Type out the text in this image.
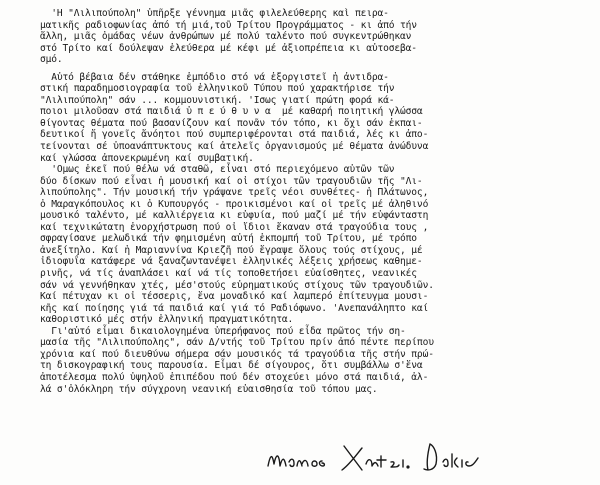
'Η "Λιλιπούπολη" ὑπῆρξε γέννημα μιᾶς φιλελεύθερης καὶ πειρα-
ματικῆς ραδιοφωνίας ἀπό τή μιά,τοῦ Τρίτου Προγράμματος - κι ἀπό τήν
ἄλλη, μιᾶς ὁμάδας νέων ἀνθρώπων μέ πολύ ταλέντο πού συγκεντρώθηκαν
στό Τρίτο καί δούλεψαν ἐλεύθερα μέ κέφι μέ ἀξιοπρέπεια κι αὐτοσεβα-
σμό.
Αὐτό βέβαια δέν στάθηκε ἐμπόδιο στό νά ἐξοργιστεῖ ἡ ἀντιδρα-
στική παραδημοσιογραφία τοῦ ἑλληνικοῦ Τύπου πού χαρακτήρισε τήν
"Λιλιπούπολη" σάν ... κομμουνιστική. 'Ισως γιατί πρώτη φορά κά-
ποιοι μιλοῦσαν στά παιδιά ὑ π ε ύ θ υ ν α  μέ καθαρή ποιητική γλώσσα
θίγοντας θέματα πού βασανίζουν καί πονᾶν τόν τόπο, κι ὄχι σάν ἐκπαι-
δευτικοί ἤ γονεῖς ἄνόητοι πού συμπεριφέρονται στά παιδιά, λές κι ἀπο-
τείνονται σέ ὑποανάπτυκτους καί ἀτελεῖς ὀργανισμούς μέ θέματα ἀνώδυνα
καί γλώσσα ἀπονεκρωμένη καί συμβατική.
'Ομως ἐκεῖ πού θέλω νά σταθῶ, εἶναι στό περιεχόμενο αὐτῶν τῶν
δύο δίσκων πού εἶναι ἡ μουσική καί οἱ στίχοι τῶν τραγουδιῶν τῆς "Λι-
λιπούπολης". Τήν μουσική τήν γράψανε τρεῖς νέοι συνθέτες- ἡ Πλάτωνος,
ὁ Μαραγκόπουλος κι ὁ Κυπουργός - προικισμένοι καί οἱ τρεῖς μέ ἀληθινό
μουσικό ταλέντο, μέ καλλιέργεια κι εὐφυία, πού μαζί μέ τήν εὐφάνταστη
καί τεχνικώτατη ἐνορχήστρωση πού οἱ ἴδιοι ἔκαναν στά τραγούδια τους ,
σφραγίσανε μελωδικά τήν φημισμένη αὐτή ἐκπομπή τοῦ Τρίτου, μέ τρόπο
ἀνεξίτηλο. Καί ἡ Μαριαννίνα Κριεζῆ πού ἔγραψε ὅλους τούς στίχους, μέ
ἰδιοφυΐα κατάφερε νά ξαναζωντανέψει ἑλληνικές λέξεις χρήσεως καθημε-
ρινῆς, νά τίς ἀναπλάσει καί νά τίς τοποθετήσει εὐαίσθητες, νεανικές
σάν νά γεννήθηκαν χτές, μέσ'στούς εὐρηματικούς στίχους τῶν τραγουδιῶν.
Καί πέτυχαν κι οἱ τέσσερις, ἕνα μοναδικό καί λαμπερό ἐπίτευγμα μουσι-
κῆς καί ποίησης γιά τά παιδιά καί γιά τό Ραδιόφωνο. 'Ανεπανάληπτο καί
καθοριστικό μές στήν ἑλληνική πραγματικότητα.
Γι'αὐτό εἶμαι δικαιολογημένα ὑπερήφανος πού εἶδα πρῶτος τήν ση-
μασία τῆς "Λιλιπούπολης", σάν Δ/ντής τοῦ Τρίτου πρίν ἀπό πέντε περίπου
χρόνια καί πού διευθύνω σήμερα σάν μουσικός τά τραγούδια τῆς στήν πρώ-
τη δισκογραφική τους παρουσία. Εἶμαι δέ σίγουρος, ὅτι συμβάλλω σ'ἕνα
ἀποτέλεσμα πολύ ὑψηλοῦ ἐπιπέδου πού δέν στοχεύει μόνο στά παιδιά, ἀλ-
λά σ'ὁλόκληρη τήν σύγχρονη νεανική εὐαισθησία τοῦ τόπου μας.
